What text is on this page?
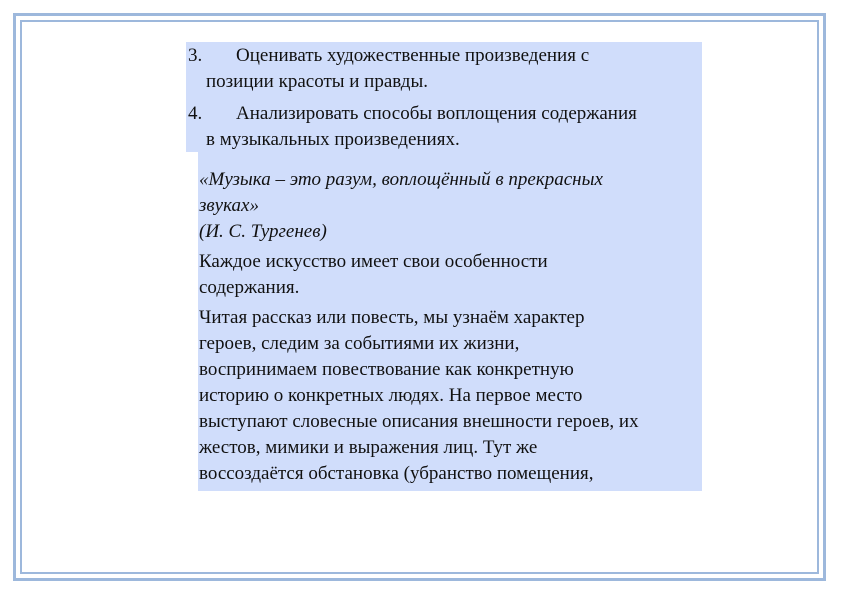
3.	Оценивать художественные произведения с
позиции красоты и правды.
4.	Анализировать способы воплощения содержания
в музыкальных произведениях.
«Музыка – это разум, воплощённый в прекрасных
звуках»
(И. С. Тургенев)

Каждое искусство имеет свои особенности
содержания.

Читая рассказ или повесть, мы узнаём характер
героев, следим за событиями их жизни,
воспринимаем повествование как конкретную
историю о конкретных людях. На первое место
выступают словесные описания внешности героев, их
жестов, мимики и выражения лиц. Тут же
воссоздаётся обстановка (убранство помещения,
